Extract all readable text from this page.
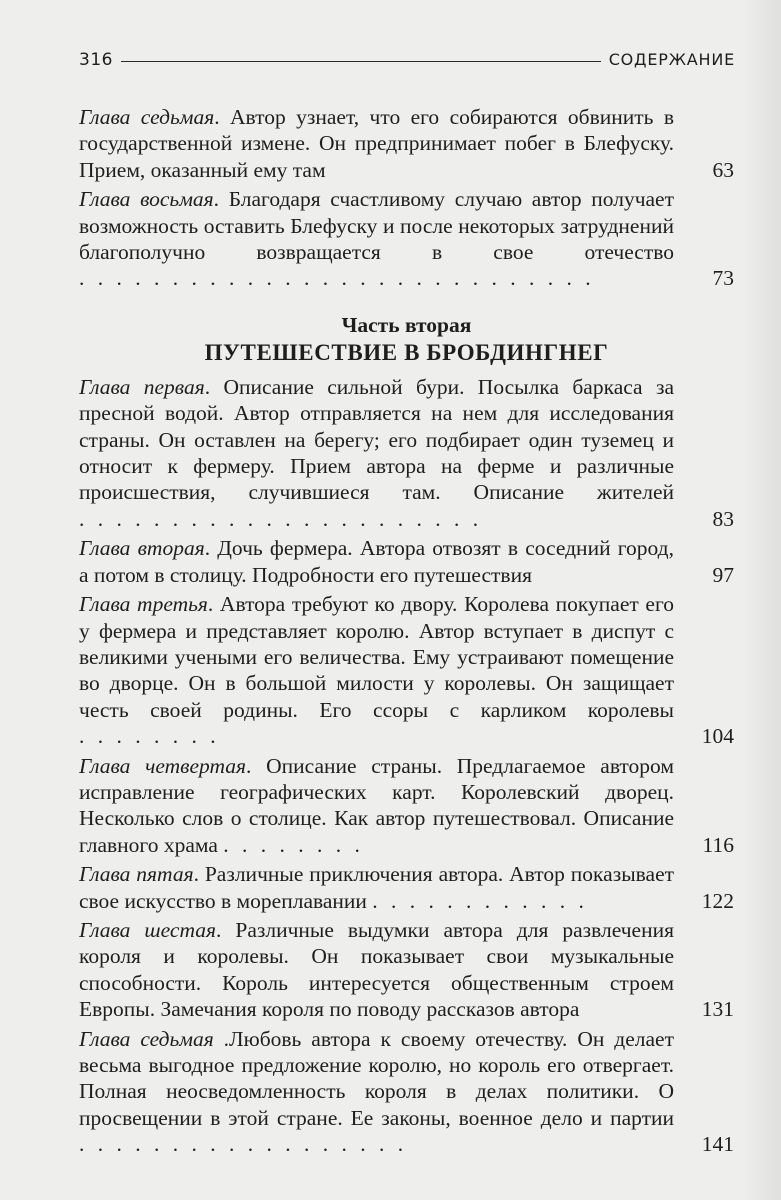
316	СОДЕРЖАНИЕ
Глава седьмая. Автор узнает, что его собираются обвинить в государственной измене. Он предпринимает побег в Блефуску. Прием, оказанный ему там	63
Глава восьмая. Благодаря счастливому случаю автор получает возможность оставить Блефуску и после некоторых затруднений благополучно возвращается в свое отечество . . . . . . . . . . . . . . . . . . . . . . . . . . . .	73
Часть вторая
ПУТЕШЕСТВИЕ В БРОБДИНГНЕГ
Глава первая. Описание сильной бури. Посылка баркаса за пресной водой. Автор отправляется на нем для исследования страны. Он оставлен на берегу; его подбирает один туземец и относит к фермеру. Прием автора на ферме и различные происшествия, случившиеся там. Описание жителей . . . . . . . . . . . . . . . . . . . . . .	83
Глава вторая. Дочь фермера. Автора отвозят в соседний город, а потом в столицу. Подробности его путешествия	97
Глава третья. Автора требуют ко двору. Королева покупает его у фермера и представляет королю. Автор вступает в диспут с великими учеными его величества. Ему устраивают помещение во дворце. Он в большой милости у королевы. Он защищает честь своей родины. Его ссоры с карликом королевы . . . . . . . .	104
Глава четвертая. Описание страны. Предлагаемое автором исправление географических карт. Королевский дворец. Несколько слов о столице. Как автор путешествовал. Описание главного храма . . . . . . . .	116
Глава пятая. Различные приключения автора. Автор показывает свое искусство в мореплавании . . . . . . . . . . . .	122
Глава шестая. Различные выдумки автора для развлечения короля и королевы. Он показывает свои музыкальные способности. Король интересуется общественным строем Европы. Замечания короля по поводу рассказов автора	131
Глава седьмая .Любовь автора к своему отечеству. Он делает весьма выгодное предложение королю, но король его отвергает. Полная неосведомленность короля в делах политики. О просвещении в этой стране. Ее законы, военное дело и партии . . . . . . . . . . . . . . . . . .	141
